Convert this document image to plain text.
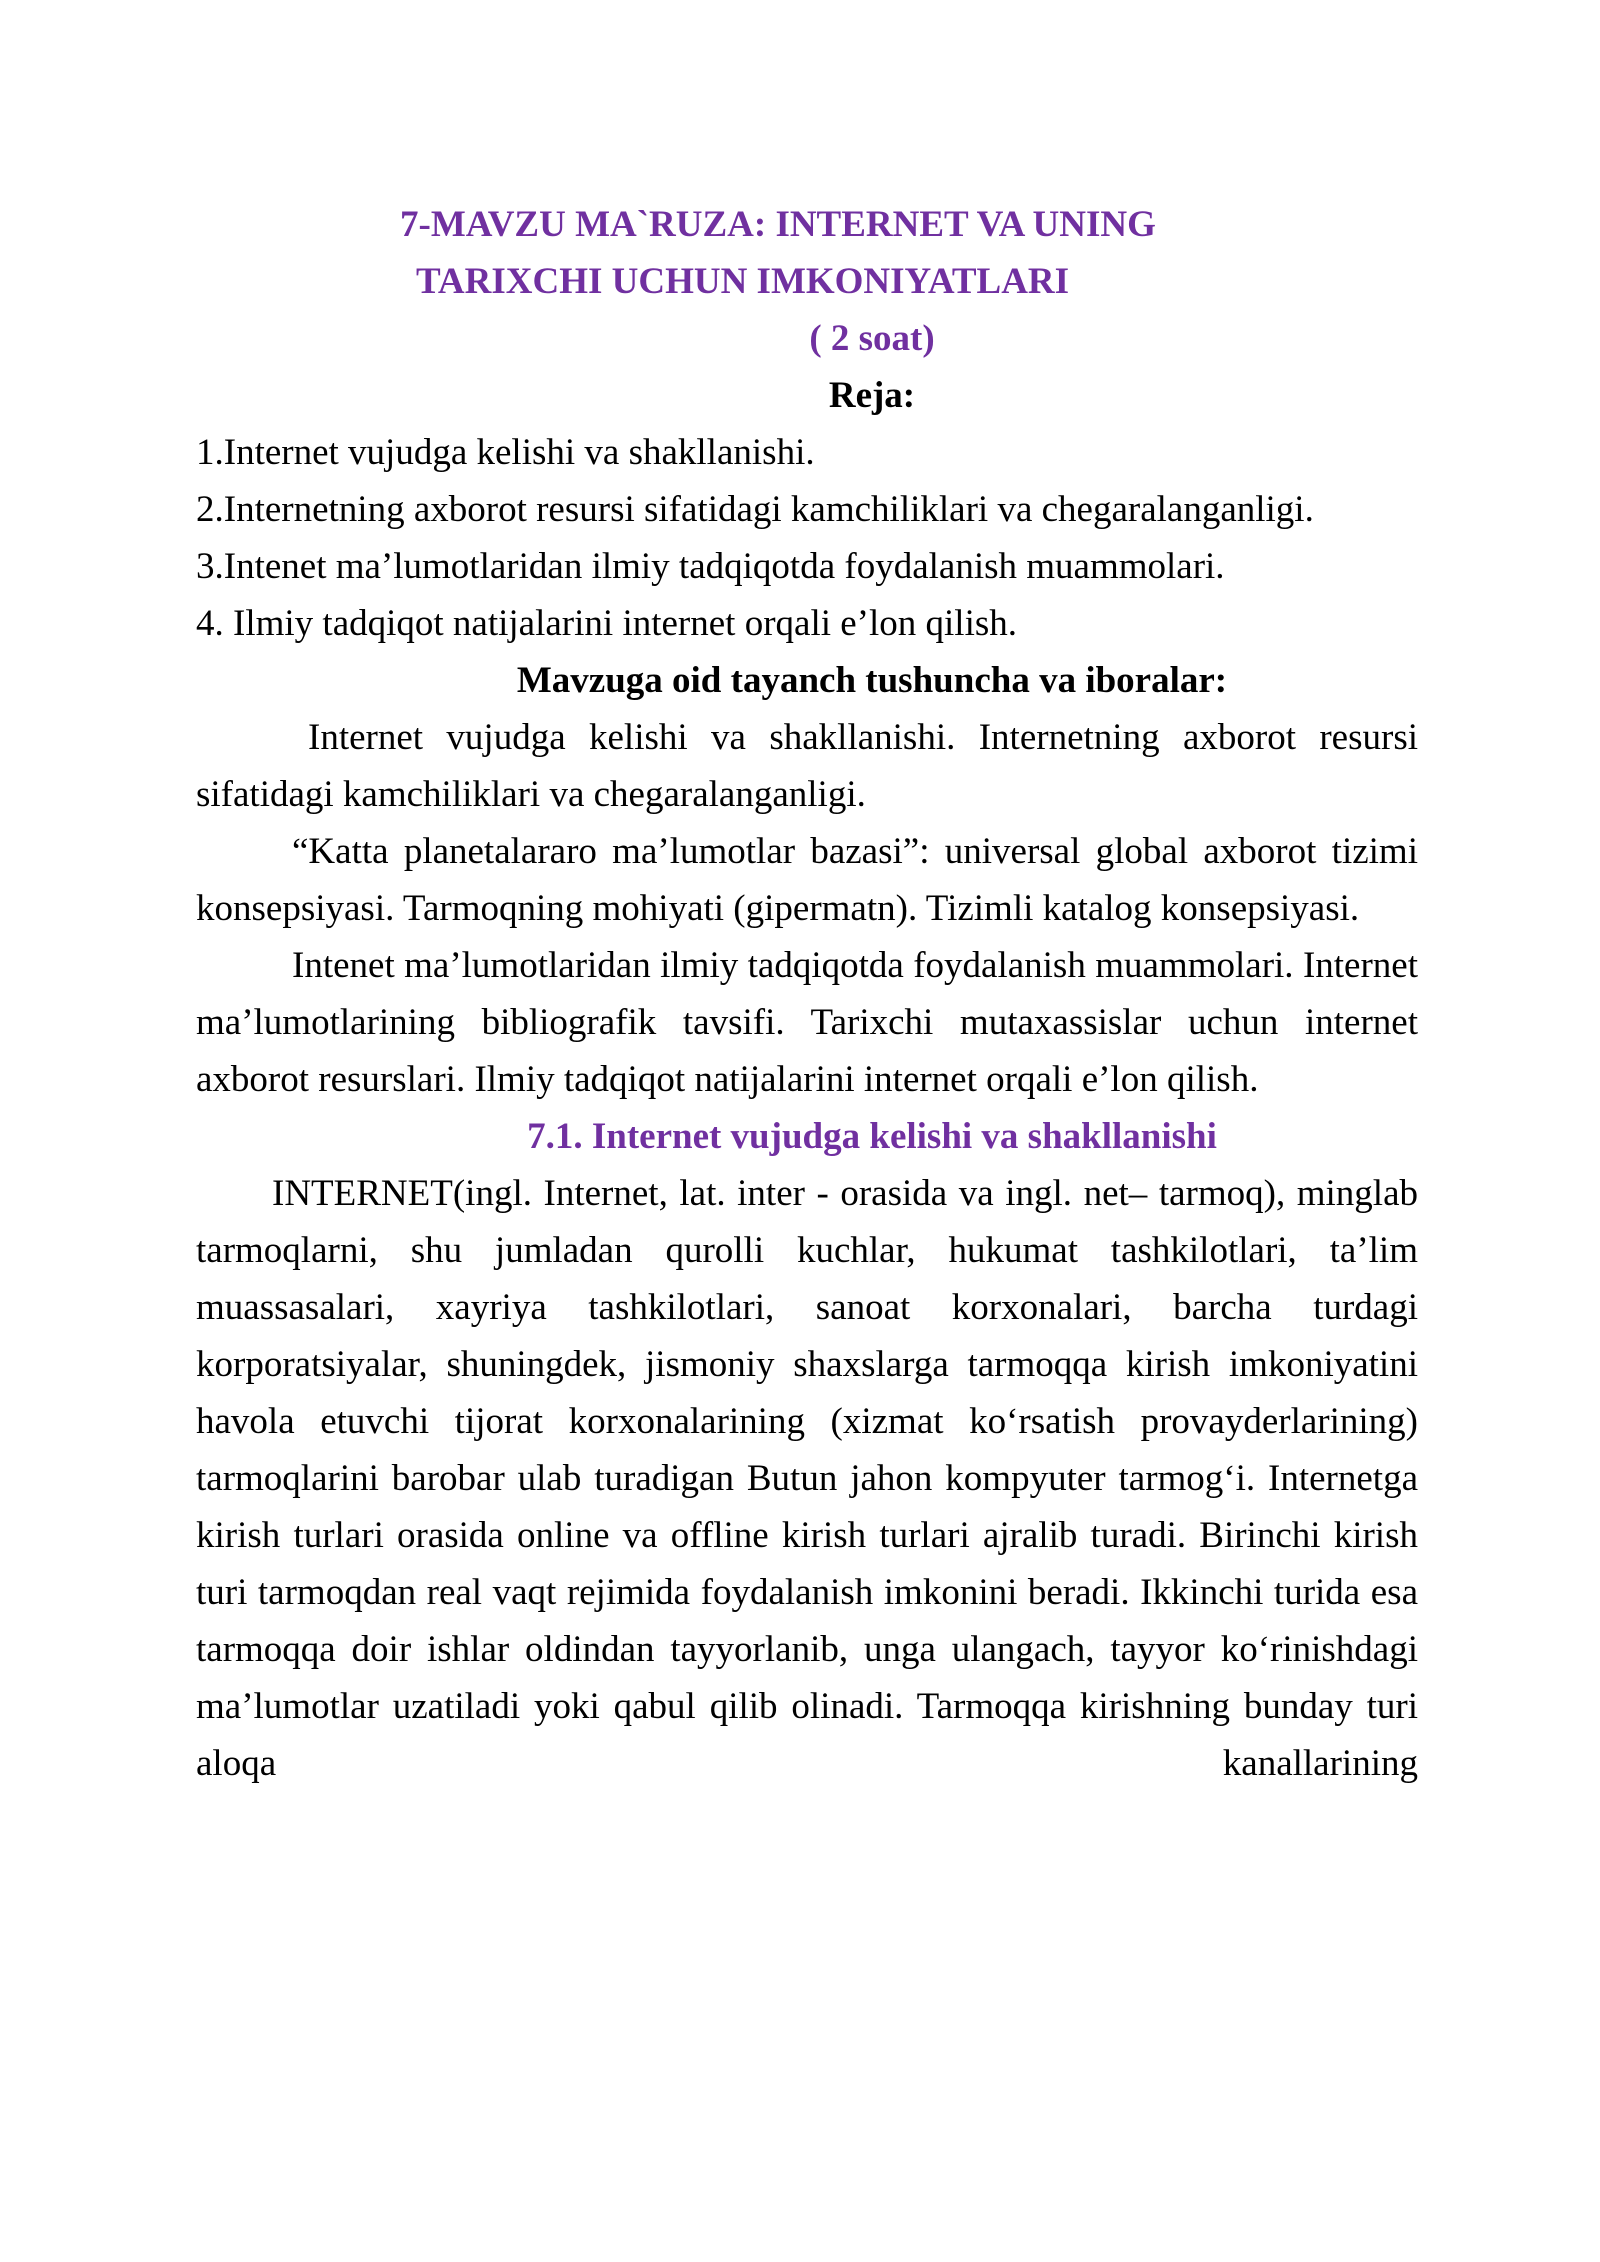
7-MAVZU MA`RUZA: INTERNET VA UNING
TARIXCHI UCHUN IMKONIYATLARI
( 2 soat)
Reja:
1.Internet vujudga kelishi va shakllanishi.
2.Internetning axborot resursi sifatidagi kamchiliklari va chegaralanganligi.
3.Intenet ma’lumotlaridan ilmiy tadqiqotda foydalanish muammolari.
4. Ilmiy tadqiqot natijalarini internet orqali e’lon qilish.
Mavzuga oid tayanch tushuncha va iboralar:

Internet vujudga kelishi va shakllanishi. Internetning axborot resursi sifatidagi kamchiliklari va chegaralanganligi.

“Katta planetalararo ma’lumotlar bazasi”: universal global axborot tizimi konsepsiyasi. Tarmoqning mohiyati (gipermatn). Tizimli katalog konsepsiyasi.

Intenet ma’lumotlaridan ilmiy tadqiqotda foydalanish muammolari. Internet ma’lumotlarining bibliografik tavsifi. Tarixchi mutaxassislar uchun internet axborot resurslari. Ilmiy tadqiqot natijalarini internet orqali e’lon qilish.

7.1. Internet vujudga kelishi va shakllanishi

INTERNET(ingl. Internet, lat. inter - orasida va ingl. net– tarmoq), minglab tarmoqlarni, shu jumladan qurolli kuchlar, hukumat tashkilotlari, ta’lim muassasalari, xayriya tashkilotlari, sanoat korxonalari, barcha turdagi korporatsiyalar, shuningdek, jismoniy shaxslarga tarmoqqa kirish imkoniyatini havola etuvchi tijorat korxonalarining (xizmat ko‘rsatish provayderlarining) tarmoqlarini barobar ulab turadigan Butun jahon kompyuter tarmog‘i. Internetga kirish turlari orasida online va offline kirish turlari ajralib turadi. Birinchi kirish turi tarmoqdan real vaqt rejimida foydalanish imkonini beradi. Ikkinchi turida esa tarmoqqa doir ishlar oldindan tayyorlanib, unga ulangach, tayyor ko‘rinishdagi ma’lumotlar uzatiladi yoki qabul qilib olinadi. Tarmoqqa kirishning bunday turi aloqa kanallarining
